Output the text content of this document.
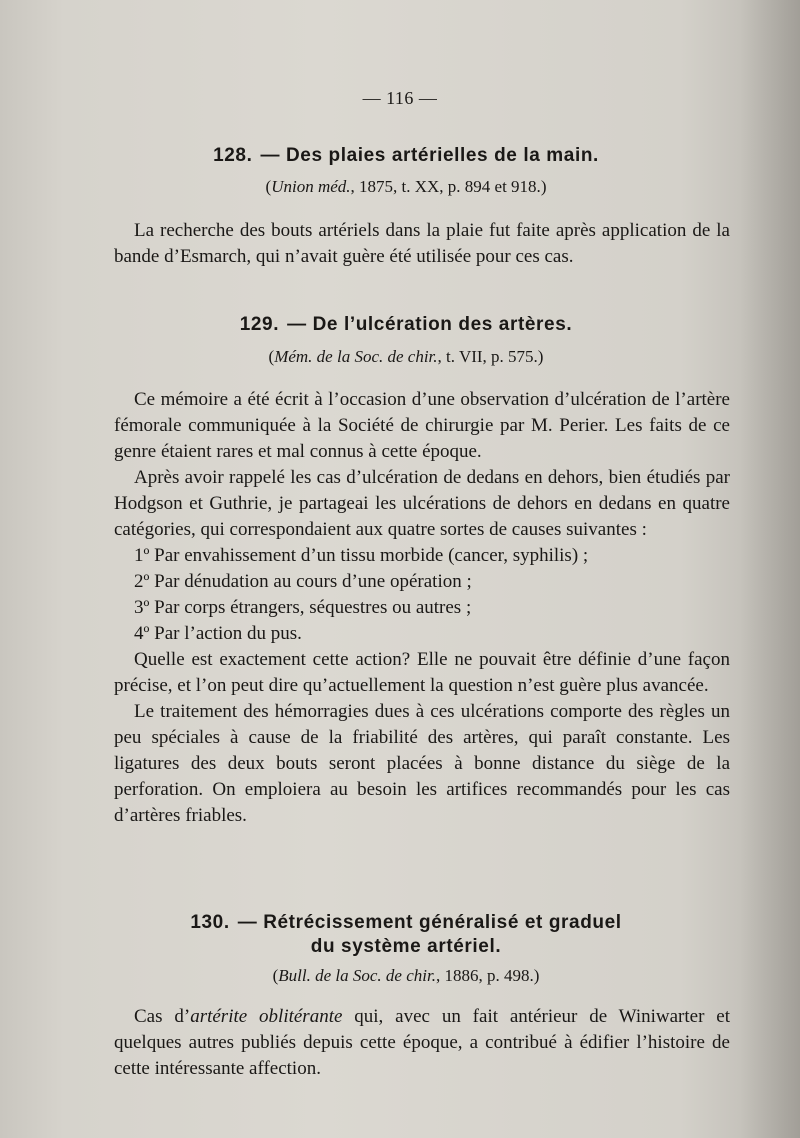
— 116 —
128. — Des plaies artérielles de la main.
(Union méd., 1875, t. XX, p. 894 et 918.)

La recherche des bouts artériels dans la plaie fut faite après application de la bande d’Esmarch, qui n’avait guère été utilisée pour ces cas.

129. — De l’ulcération des artères.
(Mém. de la Soc. de chir., t. VII, p. 575.)

Ce mémoire a été écrit à l’occasion d’une observation d’ulcération de l’artère fémorale communiquée à la Société de chirurgie par M. Perier. Les faits de ce genre étaient rares et mal connus à cette époque.

Après avoir rappelé les cas d’ulcération de dedans en dehors, bien étudiés par Hodgson et Guthrie, je partageai les ulcérations de dehors en dedans en quatre catégories, qui correspondaient aux quatre sortes de causes suivantes :

1º Par envahissement d’un tissu morbide (cancer, syphilis) ;

2º Par dénudation au cours d’une opération ;

3º Par corps étrangers, séquestres ou autres ;

4º Par l’action du pus.

Quelle est exactement cette action? Elle ne pouvait être définie d’une façon précise, et l’on peut dire qu’actuellement la question n’est guère plus avancée.

Le traitement des hémorragies dues à ces ulcérations comporte des règles un peu spéciales à cause de la friabilité des artères, qui paraît constante. Les ligatures des deux bouts seront placées à bonne distance du siège de la perforation. On emploiera au besoin les artifices recommandés pour les cas d’artères friables.

130. — Rétrécissement généralisé et graduel
du système artériel.
(Bull. de la Soc. de chir., 1886, p. 498.)

Cas d’artérite oblitérante qui, avec un fait antérieur de Winiwarter et quelques autres publiés depuis cette époque, a contribué à édifier l’histoire de cette intéressante affection.
